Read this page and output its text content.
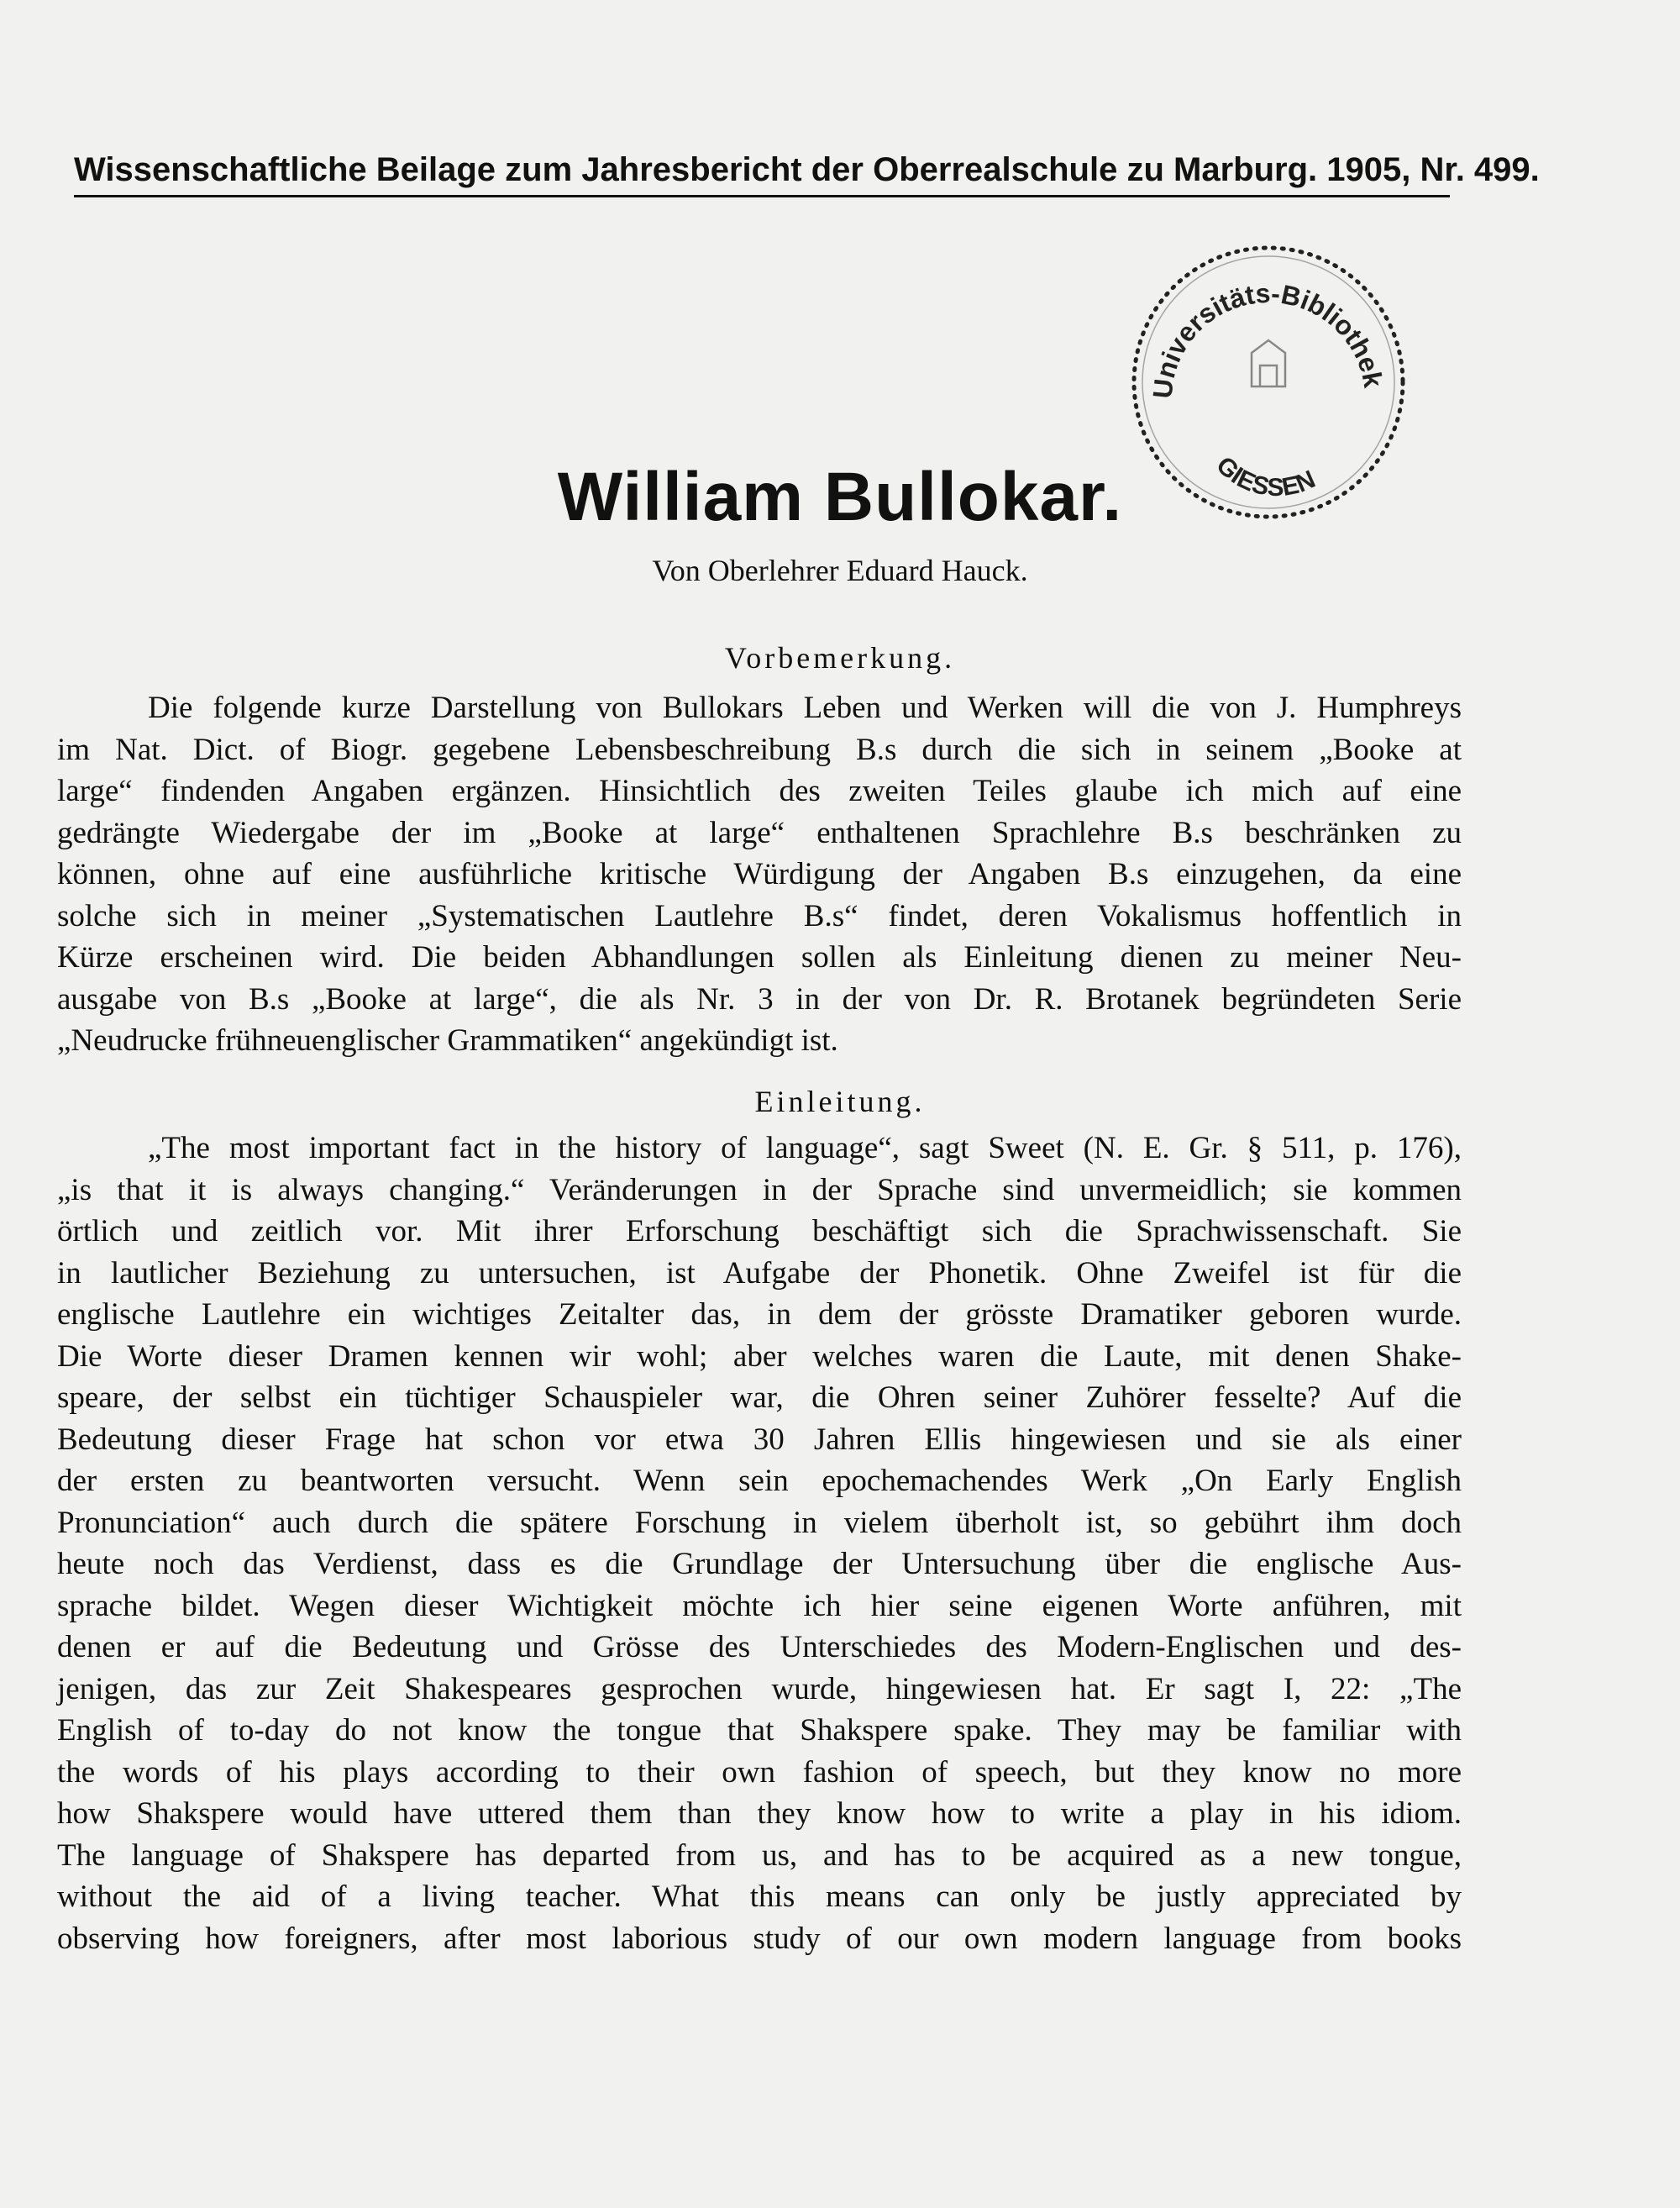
Wissenschaftliche Beilage zum Jahresbericht der Oberrealschule zu Marburg. 1905, Nr. 499.
Universitäts-Bibliothek
GIESSEN
William Bullokar.
Von Oberlehrer Eduard Hauck.
Vorbemerkung.
Die folgende kurze Darstellung von Bullokars Leben und Werken will die von J. Humphreys
im Nat. Dict. of Biogr. gegebene Lebensbeschreibung B.s durch die sich in seinem „Booke at
large“ findenden Angaben ergänzen. Hinsichtlich des zweiten Teiles glaube ich mich auf eine
gedrängte Wiedergabe der im „Booke at large“ enthaltenen Sprachlehre B.s beschränken zu
können, ohne auf eine ausführliche kritische Würdigung der Angaben B.s einzugehen, da eine
solche sich in meiner „Systematischen Lautlehre B.s“ findet, deren Vokalismus hoffentlich in
Kürze erscheinen wird. Die beiden Abhandlungen sollen als Einleitung dienen zu meiner Neu-
ausgabe von B.s „Booke at large“, die als Nr. 3 in der von Dr. R. Brotanek begründeten Serie
„Neudrucke frühneuenglischer Grammatiken“ angekündigt ist.
Einleitung.
„The most important fact in the history of language“, sagt Sweet (N. E. Gr. § 511, p. 176),
„is that it is always changing.“ Veränderungen in der Sprache sind unvermeidlich; sie kommen
örtlich und zeitlich vor. Mit ihrer Erforschung beschäftigt sich die Sprachwissenschaft. Sie
in lautlicher Beziehung zu untersuchen, ist Aufgabe der Phonetik. Ohne Zweifel ist für die
englische Lautlehre ein wichtiges Zeitalter das, in dem der grösste Dramatiker geboren wurde.
Die Worte dieser Dramen kennen wir wohl; aber welches waren die Laute, mit denen Shake-
speare, der selbst ein tüchtiger Schauspieler war, die Ohren seiner Zuhörer fesselte? Auf die
Bedeutung dieser Frage hat schon vor etwa 30 Jahren Ellis hingewiesen und sie als einer
der ersten zu beantworten versucht. Wenn sein epochemachendes Werk „On Early English
Pronunciation“ auch durch die spätere Forschung in vielem überholt ist, so gebührt ihm doch
heute noch das Verdienst, dass es die Grundlage der Untersuchung über die englische Aus-
sprache bildet. Wegen dieser Wichtigkeit möchte ich hier seine eigenen Worte anführen, mit
denen er auf die Bedeutung und Grösse des Unterschiedes des Modern-Englischen und des-
jenigen, das zur Zeit Shakespeares gesprochen wurde, hingewiesen hat. Er sagt I, 22: „The
English of to-day do not know the tongue that Shakspere spake. They may be familiar with
the words of his plays according to their own fashion of speech, but they know no more
how Shakspere would have uttered them than they know how to write a play in his idiom.
The language of Shakspere has departed from us, and has to be acquired as a new tongue,
without the aid of a living teacher. What this means can only be justly appreciated by
observing how foreigners, after most laborious study of our own modern language from books
